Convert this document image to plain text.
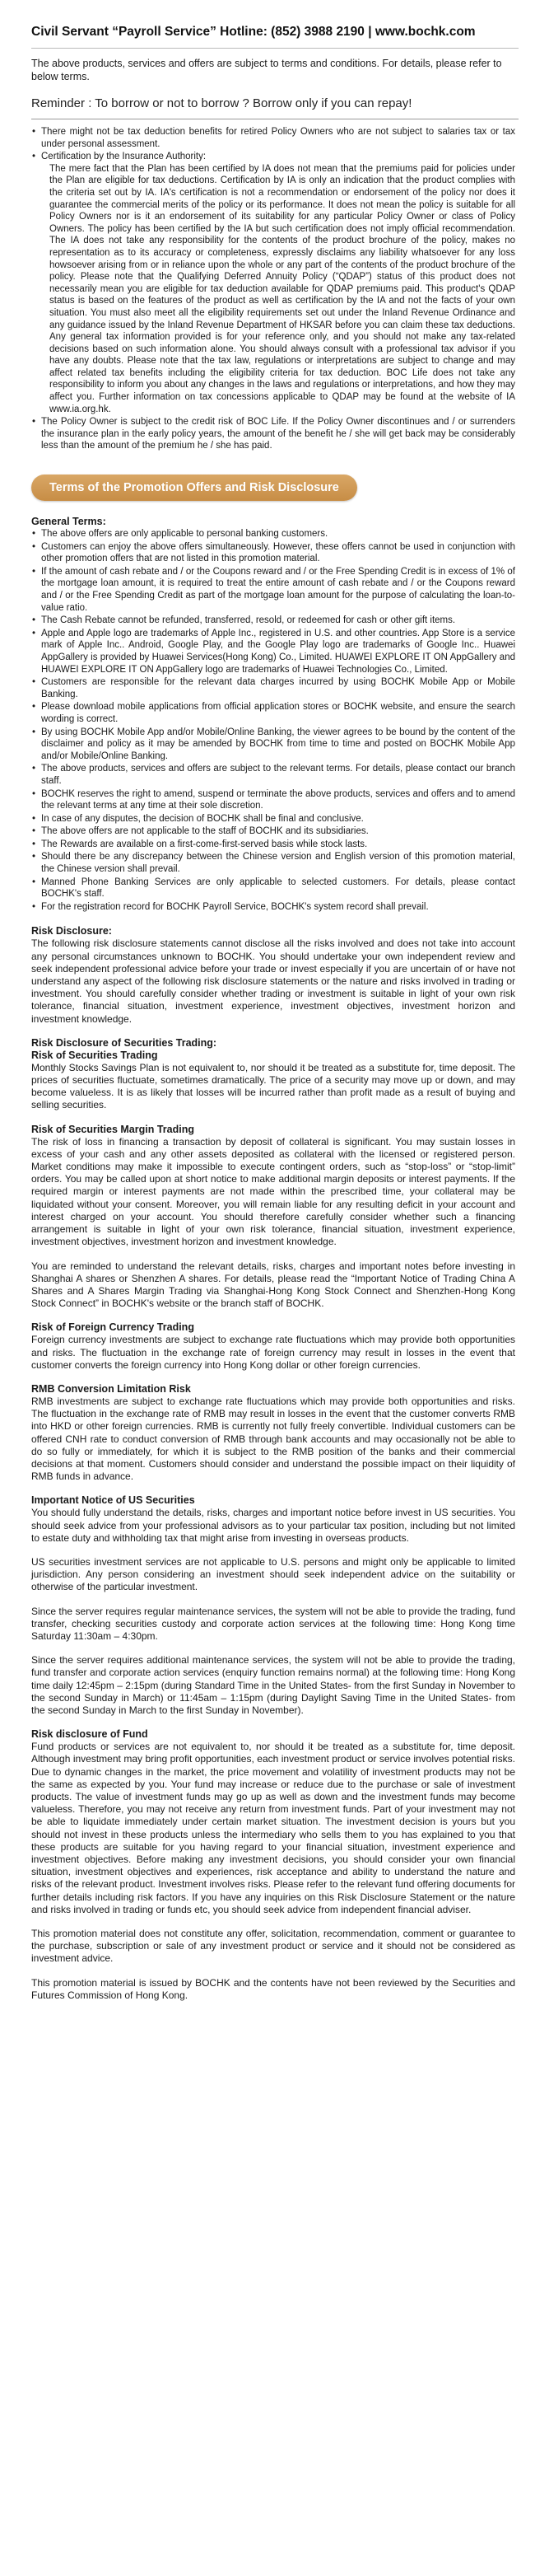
Civil Servant “Payroll Service” Hotline: (852) 3988 2190 | www.bochk.com
The above products, services and offers are subject to terms and conditions. For details, please refer to below terms.
Reminder : To borrow or not to borrow ? Borrow only if you can repay!
• There might not be tax deduction benefits for retired Policy Owners who are not subject to salaries tax or tax under personal assessment.
• Certification by the Insurance Authority:
The mere fact that the Plan has been certified by IA does not mean that the premiums paid for policies under the Plan are eligible for tax deductions. Certification by IA is only an indication that the product complies with the criteria set out by IA. IA's certification is not a recommendation or endorsement of the policy nor does it guarantee the commercial merits of the policy or its performance. It does not mean the policy is suitable for all Policy Owners nor is it an endorsement of its suitability for any particular Policy Owner or class of Policy Owners. The policy has been certified by the IA but such certification does not imply official recommendation. The IA does not take any responsibility for the contents of the product brochure of the policy, makes no representation as to its accuracy or completeness, expressly disclaims any liability whatsoever for any loss howsoever arising from or in reliance upon the whole or any part of the contents of the product brochure of the policy. Please note that the Qualifying Deferred Annuity Policy (“QDAP”) status of this product does not necessarily mean you are eligible for tax deduction available for QDAP premiums paid. This product's QDAP status is based on the features of the product as well as certification by the IA and not the facts of your own situation. You must also meet all the eligibility requirements set out under the Inland Revenue Ordinance and any guidance issued by the Inland Revenue Department of HKSAR before you can claim these tax deductions. Any general tax information provided is for your reference only, and you should not make any tax-related decisions based on such information alone. You should always consult with a professional tax advisor if you have any doubts. Please note that the tax law, regulations or interpretations are subject to change and may affect related tax benefits including the eligibility criteria for tax deduction. BOC Life does not take any responsibility to inform you about any changes in the laws and regulations or interpretations, and how they may affect you. Further information on tax concessions applicable to QDAP may be found at the website of IA www.ia.org.hk.
• The Policy Owner is subject to the credit risk of BOC Life. If the Policy Owner discontinues and / or surrenders the insurance plan in the early policy years, the amount of the benefit he / she will get back may be considerably less than the amount of the premium he / she has paid.
Terms of the Promotion Offers and Risk Disclosure
General Terms:
• The above offers are only applicable to personal banking customers.
• Customers can enjoy the above offers simultaneously. However, these offers cannot be used in conjunction with other promotion offers that are not listed in this promotion material.
• If the amount of cash rebate and / or the Coupons reward and / or the Free Spending Credit is in excess of 1% of the mortgage loan amount, it is required to treat the entire amount of cash rebate and / or the Coupons reward and / or the Free Spending Credit as part of the mortgage loan amount for the purpose of calculating the loan-to-value ratio.
• The Cash Rebate cannot be refunded, transferred, resold, or redeemed for cash or other gift items.
• Apple and Apple logo are trademarks of Apple Inc., registered in U.S. and other countries. App Store is a service mark of Apple Inc.. Android, Google Play, and the Google Play logo are trademarks of Google Inc.. Huawei AppGallery is provided by Huawei Services(Hong Kong) Co., Limited. HUAWEI EXPLORE IT ON AppGallery and HUAWEI EXPLORE IT ON AppGallery logo are trademarks of Huawei Technologies Co., Limited.
• Customers are responsible for the relevant data charges incurred by using BOCHK Mobile App or Mobile Banking.
• Please download mobile applications from official application stores or BOCHK website, and ensure the search wording is correct.
• By using BOCHK Mobile App and/or Mobile/Online Banking, the viewer agrees to be bound by the content of the disclaimer and policy as it may be amended by BOCHK from time to time and posted on BOCHK Mobile App and/or Mobile/Online Banking.
• The above products, services and offers are subject to the relevant terms. For details, please contact our branch staff.
• BOCHK reserves the right to amend, suspend or terminate the above products, services and offers and to amend the relevant terms at any time at their sole discretion.
• In case of any disputes, the decision of BOCHK shall be final and conclusive.
• The above offers are not applicable to the staff of BOCHK and its subsidiaries.
• The Rewards are available on a first-come-first-served basis while stock lasts.
• Should there be any discrepancy between the Chinese version and English version of this promotion material, the Chinese version shall prevail.
• Manned Phone Banking Services are only applicable to selected customers. For details, please contact BOCHK's staff.
• For the registration record for BOCHK Payroll Service, BOCHK's system record shall prevail.
Risk Disclosure:
The following risk disclosure statements cannot disclose all the risks involved and does not take into account any personal circumstances unknown to BOCHK. You should undertake your own independent review and seek independent professional advice before your trade or invest especially if you are uncertain of or have not understand any aspect of the following risk disclosure statements or the nature and risks involved in trading or investment. You should carefully consider whether trading or investment is suitable in light of your own risk tolerance, financial situation, investment experience, investment objectives, investment horizon and investment knowledge.
Risk Disclosure of Securities Trading:
Risk of Securities Trading
Monthly Stocks Savings Plan is not equivalent to, nor should it be treated as a substitute for, time deposit. The prices of securities fluctuate, sometimes dramatically. The price of a security may move up or down, and may become valueless. It is as likely that losses will be incurred rather than profit made as a result of buying and selling securities.
Risk of Securities Margin Trading
The risk of loss in financing a transaction by deposit of collateral is significant. You may sustain losses in excess of your cash and any other assets deposited as collateral with the licensed or registered person. Market conditions may make it impossible to execute contingent orders, such as “stop-loss” or “stop-limit” orders. You may be called upon at short notice to make additional margin deposits or interest payments. If the required margin or interest payments are not made within the prescribed time, your collateral may be liquidated without your consent. Moreover, you will remain liable for any resulting deficit in your account and interest charged on your account. You should therefore carefully consider whether such a financing arrangement is suitable in light of your own risk tolerance, financial situation, investment experience, investment objectives, investment horizon and investment knowledge.
You are reminded to understand the relevant details, risks, charges and important notes before investing in Shanghai A shares or Shenzhen A shares. For details, please read the “Important Notice of Trading China A Shares and A Shares Margin Trading via Shanghai-Hong Kong Stock Connect and Shenzhen-Hong Kong Stock Connect” in BOCHK's website or the branch staff of BOCHK.
Risk of Foreign Currency Trading
Foreign currency investments are subject to exchange rate fluctuations which may provide both opportunities and risks. The fluctuation in the exchange rate of foreign currency may result in losses in the event that customer converts the foreign currency into Hong Kong dollar or other foreign currencies.
RMB Conversion Limitation Risk
RMB investments are subject to exchange rate fluctuations which may provide both opportunities and risks. The fluctuation in the exchange rate of RMB may result in losses in the event that the customer converts RMB into HKD or other foreign currencies. RMB is currently not fully freely convertible. Individual customers can be offered CNH rate to conduct conversion of RMB through bank accounts and may occasionally not be able to do so fully or immediately, for which it is subject to the RMB position of the banks and their commercial decisions at that moment. Customers should consider and understand the possible impact on their liquidity of RMB funds in advance.
Important Notice of US Securities
You should fully understand the details, risks, charges and important notice before invest in US securities. You should seek advice from your professional advisors as to your particular tax position, including but not limited to estate duty and withholding tax that might arise from investing in overseas products.
US securities investment services are not applicable to U.S. persons and might only be applicable to limited jurisdiction. Any person considering an investment should seek independent advice on the suitability or otherwise of the particular investment.
Since the server requires regular maintenance services, the system will not be able to provide the trading, fund transfer, checking securities custody and corporate action services at the following time: Hong Kong time Saturday 11:30am – 4:30pm.
Since the server requires additional maintenance services, the system will not be able to provide the trading, fund transfer and corporate action services (enquiry function remains normal) at the following time: Hong Kong time daily 12:45pm – 2:15pm (during Standard Time in the United States- from the first Sunday in November to the second Sunday in March) or 11:45am – 1:15pm (during Daylight Saving Time in the United States- from the second Sunday in March to the first Sunday in November).
Risk disclosure of Fund
Fund products or services are not equivalent to, nor should it be treated as a substitute for, time deposit. Although investment may bring profit opportunities, each investment product or service involves potential risks. Due to dynamic changes in the market, the price movement and volatility of investment products may not be the same as expected by you. Your fund may increase or reduce due to the purchase or sale of investment products. The value of investment funds may go up as well as down and the investment funds may become valueless. Therefore, you may not receive any return from investment funds. Part of your investment may not be able to liquidate immediately under certain market situation. The investment decision is yours but you should not invest in these products unless the intermediary who sells them to you has explained to you that these products are suitable for you having regard to your financial situation, investment experience and investment objectives. Before making any investment decisions, you should consider your own financial situation, investment objectives and experiences, risk acceptance and ability to understand the nature and risks of the relevant product. Investment involves risks. Please refer to the relevant fund offering documents for further details including risk factors. If you have any inquiries on this Risk Disclosure Statement or the nature and risks involved in trading or funds etc, you should seek advice from independent financial adviser.
This promotion material does not constitute any offer, solicitation, recommendation, comment or guarantee to the purchase, subscription or sale of any investment product or service and it should not be considered as investment advice.
This promotion material is issued by BOCHK and the contents have not been reviewed by the Securities and Futures Commission of Hong Kong.
